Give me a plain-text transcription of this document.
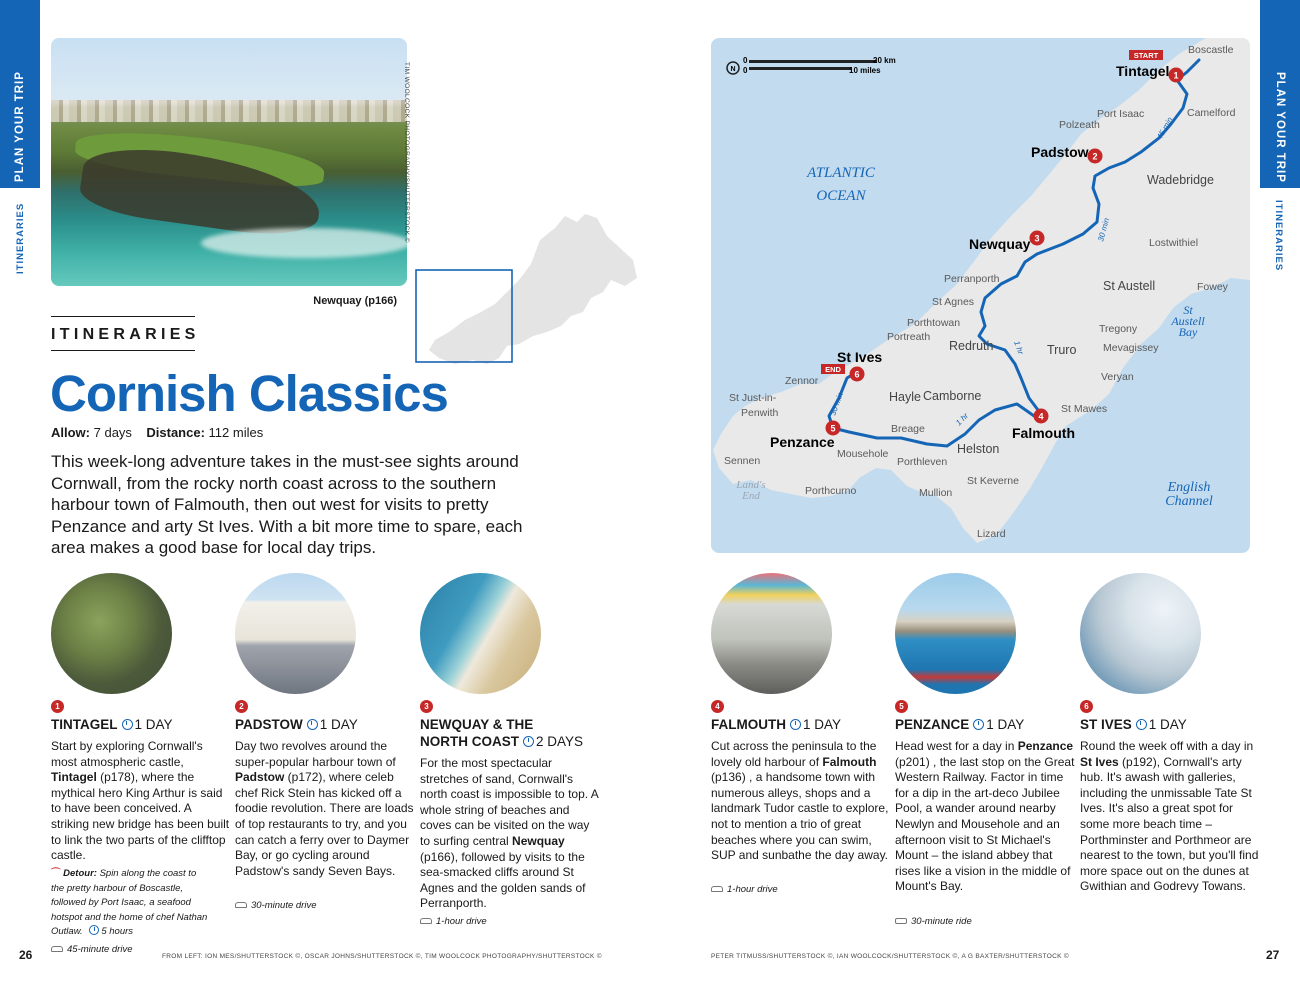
PLAN YOUR TRIP
ITINERARIES
PLAN YOUR TRIP
ITINERARIES
TIM WOOLCOCK PHOTOGRAPHY/SHUTTERSTOCK ©
Newquay (p166)
ITINERARIES
Cornish Classics
Allow: 7 days Distance: 112 miles
This week-long adventure takes in the must-see sights around Cornwall, from the rocky north coast across to the southern harbour town of Falmouth, then out west for visits to pretty Penzance and arty St Ives. With a bit more time to spare, each area makes a good base for local day trips.
N
0
0
20 km
10 miles
ATLANTIC
OCEAN
English
Channel
St
Austell
Bay
Land's
End
START
END
1
2
3
4
5
6
Tintagel
Padstow
Newquay
Falmouth
Penzance
St Ives
45 min
30 min
1 hr
1 hr
30 min
Boscastle
Port Isaac	Camelford
Polzeath
Wadebridge
Lostwithiel
Fowey
Perranporth
St Agnes
St Austell
Porthtowan
Portreath
Redruth	Truro
Tregony
Mevagissey
Zennor
Camborne
Hayle
Veryan
St Mawes
St Just-in-
Penwith
Breage
Helston
Porthleven
Mousehole
Sennen
Porthcurno
St Keverne
Mullion
Lizard
1
TINTAGEL 1 DAY
Start by exploring Cornwall's most atmospheric castle, Tintagel (p178), where the mythical hero King Arthur is said to have been conceived. A striking new bridge has been built to link the two parts of the clifftop castle.
⌒ Detour: Spin along the coast to the pretty harbour of Boscastle, followed by Port Isaac, a seafood hotspot and the home of chef Nathan Outlaw. 5 hours
45-minute drive
2
PADSTOW 1 DAY
Day two revolves around the super-popular harbour town of Padstow (p172), where celeb chef Rick Stein has kicked off a foodie revolution. There are loads of top restaurants to try, and you can catch a ferry over to Daymer Bay, or go cycling around Padstow's sandy Seven Bays.
30-minute drive
3
NEWQUAY & THE
NORTH COAST 2 DAYS
For the most spectacular stretches of sand, Cornwall's north coast is impossible to top. A whole string of beaches and coves can be visited on the way to surfing central Newquay (p166), followed by visits to the sea-smacked cliffs around St Agnes and the golden sands of Perranporth.
1-hour drive
4
FALMOUTH 1 DAY
Cut across the peninsula to the lovely old harbour of Falmouth (p136) , a handsome town with numerous alleys, shops and a landmark Tudor castle to explore, not to mention a trio of great beaches where you can swim, SUP and sunbathe the day away.
1-hour drive
5
PENZANCE 1 DAY
Head west for a day in Penzance (p201) , the last stop on the Great Western Railway. Factor in time for a dip in the art-deco Jubilee Pool, a wander around nearby Newlyn and Mousehole and an afternoon visit to St Michael's Mount – the island abbey that rises like a vision in the middle of Mount's Bay.
30-minute ride
6
ST IVES 1 DAY
Round the week off with a day in St Ives (p192), Cornwall's arty hub. It's awash with galleries, including the unmissable Tate St Ives. It's also a great spot for some more beach time – Porthminster and Porthmeor are nearest to the town, but you'll find more space out on the dunes at Gwithian and Godrevy Towans.
26	FROM LEFT: ION MES/SHUTTERSTOCK ©, OSCAR JOHNS/SHUTTERSTOCK ©, TIM WOOLCOCK PHOTOGRAPHY/SHUTTERSTOCK ©	PETER TITMUSS/SHUTTERSTOCK ©, IAN WOOLCOCK/SHUTTERSTOCK ©, A G BAXTER/SHUTTERSTOCK ©	27
